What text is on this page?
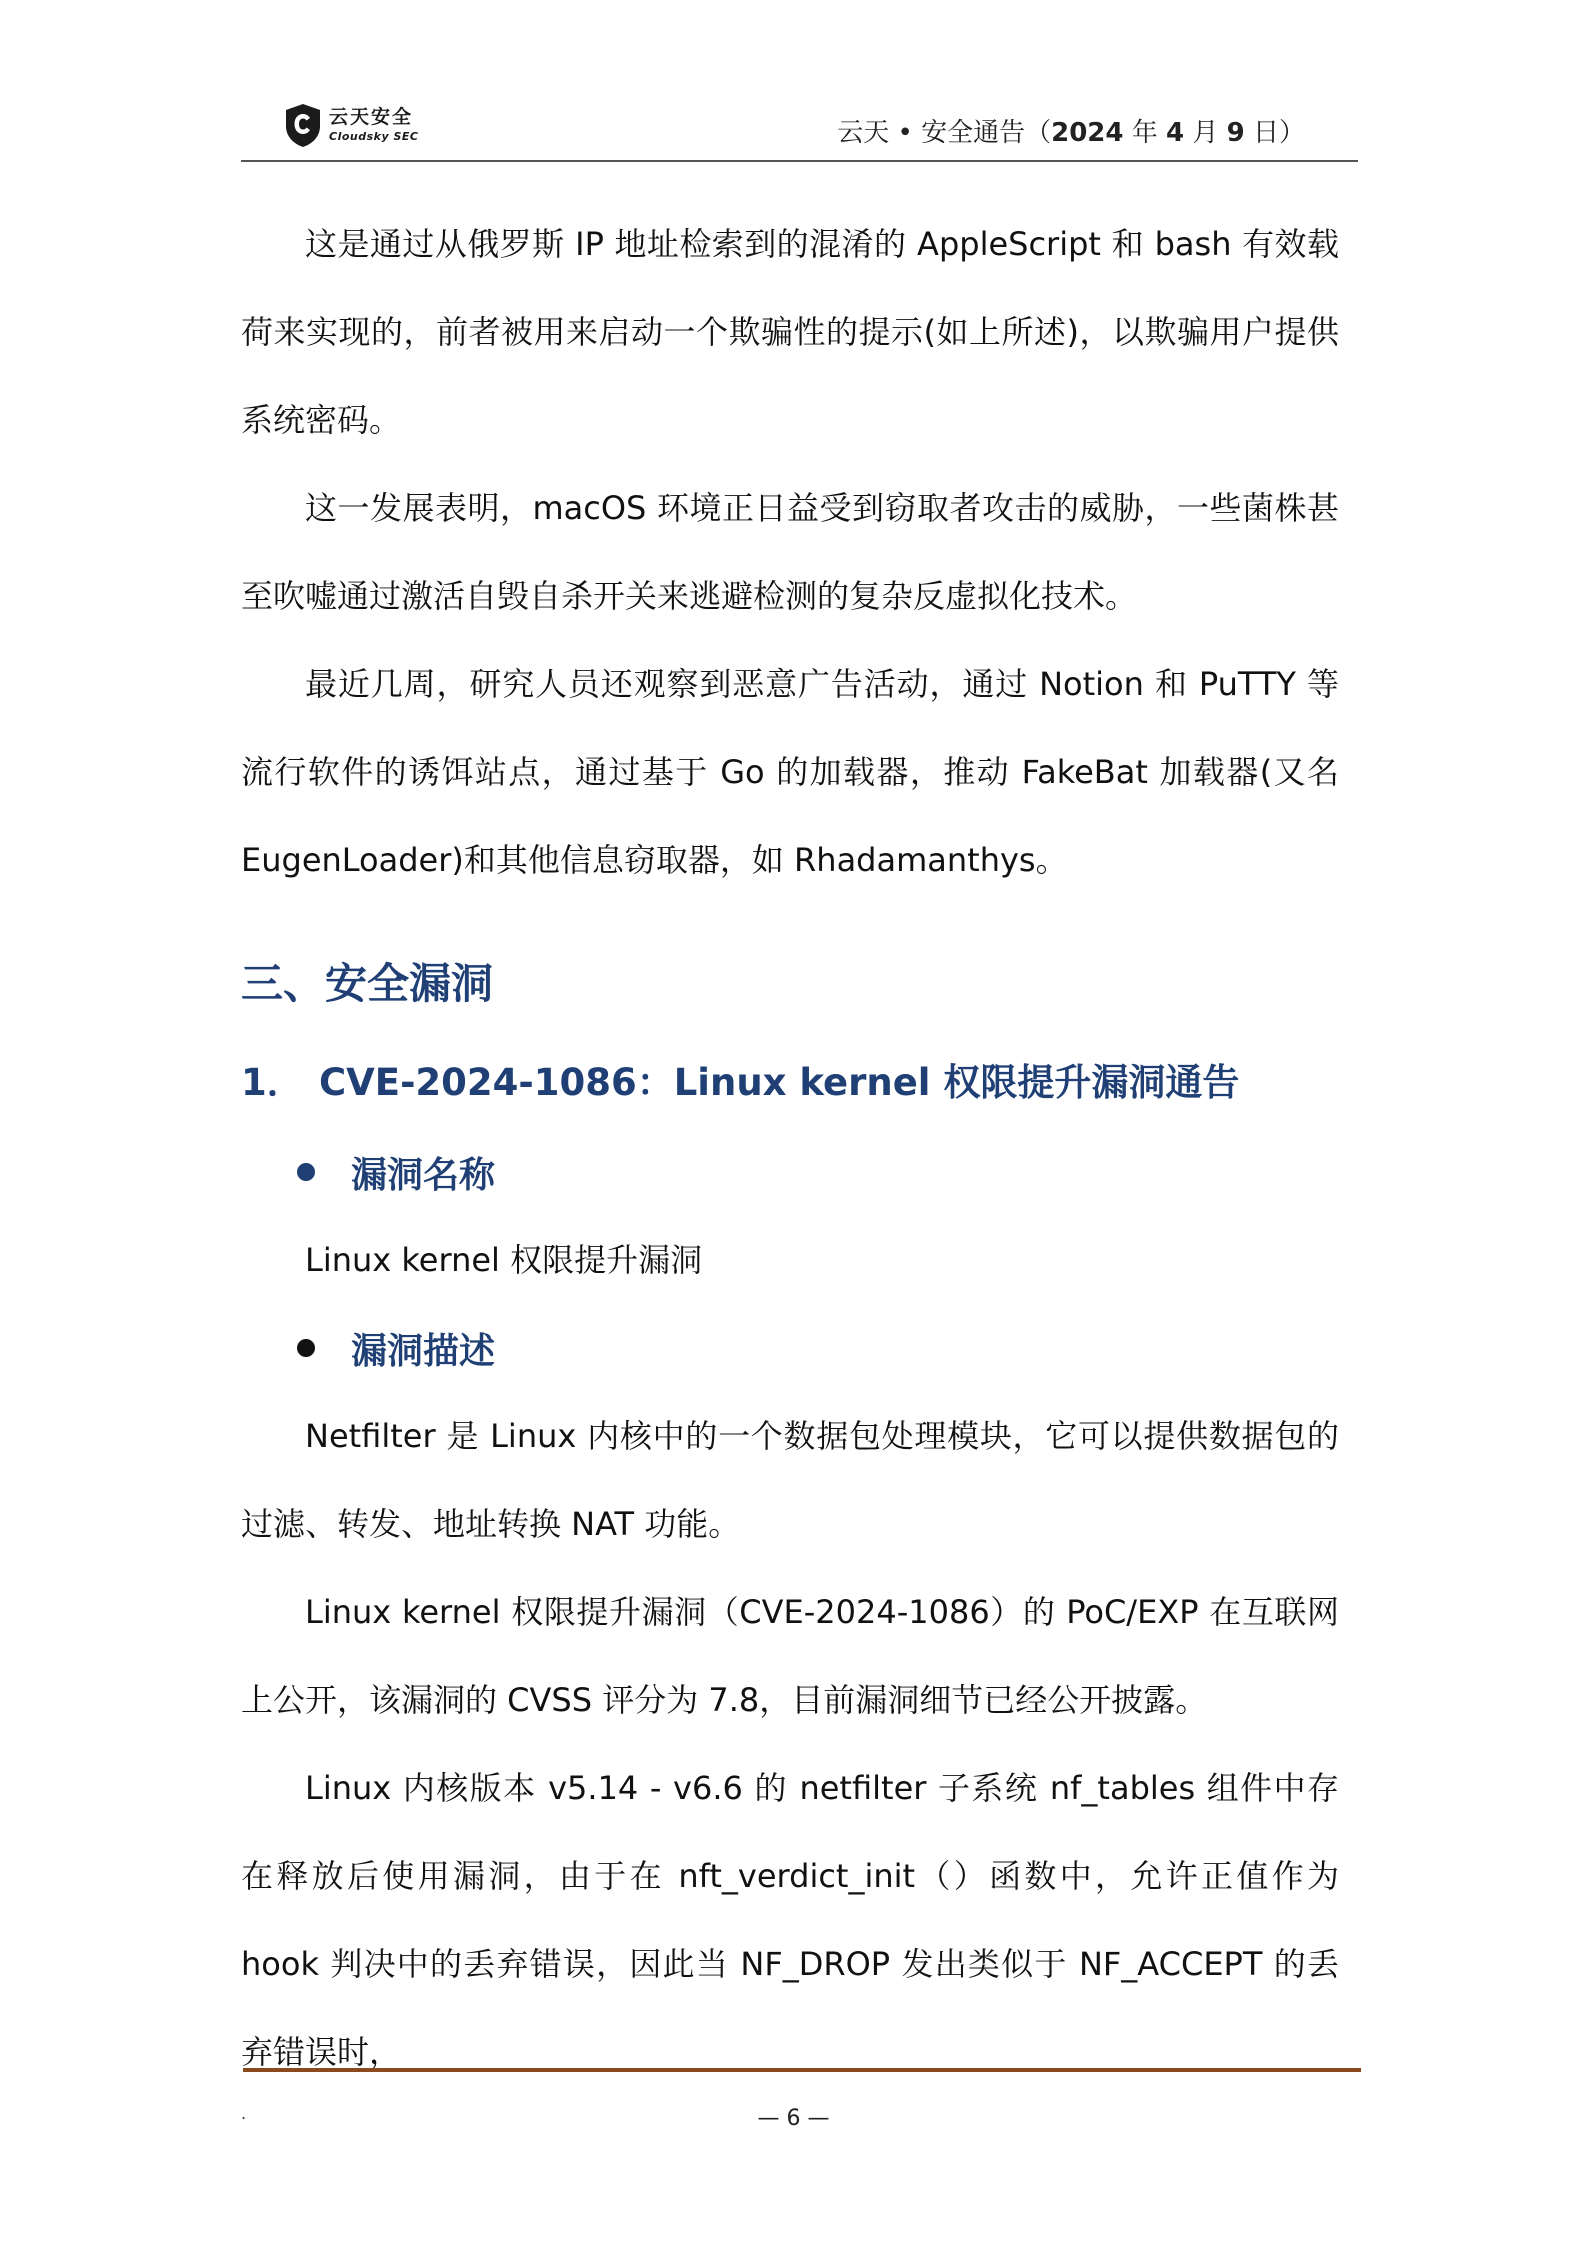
云天安全
Cloudsky SEC	云天 • 安全通告（2024 年 4 月 9 日）

这是通过从俄罗斯 IP 地址检索到的混淆的 AppleScript 和 bash 有效载荷来实现的，前者被用来启动一个欺骗性的提示(如上所述)，以欺骗用户提供系统密码。

这一发展表明，macOS 环境正日益受到窃取者攻击的威胁，一些菌株甚至吹嘘通过激活自毁自杀开关来逃避检测的复杂反虚拟化技术。

最近几周，研究人员还观察到恶意广告活动，通过 Notion 和 PuTTY 等流行软件的诱饵站点，通过基于 Go 的加载器，推动 FakeBat 加载器(又名 EugenLoader)和其他信息窃取器，如 Rhadamanthys。

三、安全漏洞
1． CVE-2024-1086：Linux kernel 权限提升漏洞通告
漏洞名称

Linux kernel 权限提升漏洞

漏洞描述

Netfilter 是 Linux 内核中的一个数据包处理模块，它可以提供数据包的过滤、转发、地址转换 NAT 功能。

Linux kernel 权限提升漏洞（CVE-2024-1086）的 PoC/EXP 在互联网上公开，该漏洞的 CVSS 评分为 7.8，目前漏洞细节已经公开披露。

Linux 内核版本 v5.14 - v6.6 的 netfilter 子系统 nf_tables 组件中存在释放后使用漏洞，由于在 nft_verdict_init（）函数中，允许正值作为 hook 判决中的丢弃错误，因此当 NF_DROP 发出类似于 NF_ACCEPT 的丢弃错误时，

.	— 6 —
